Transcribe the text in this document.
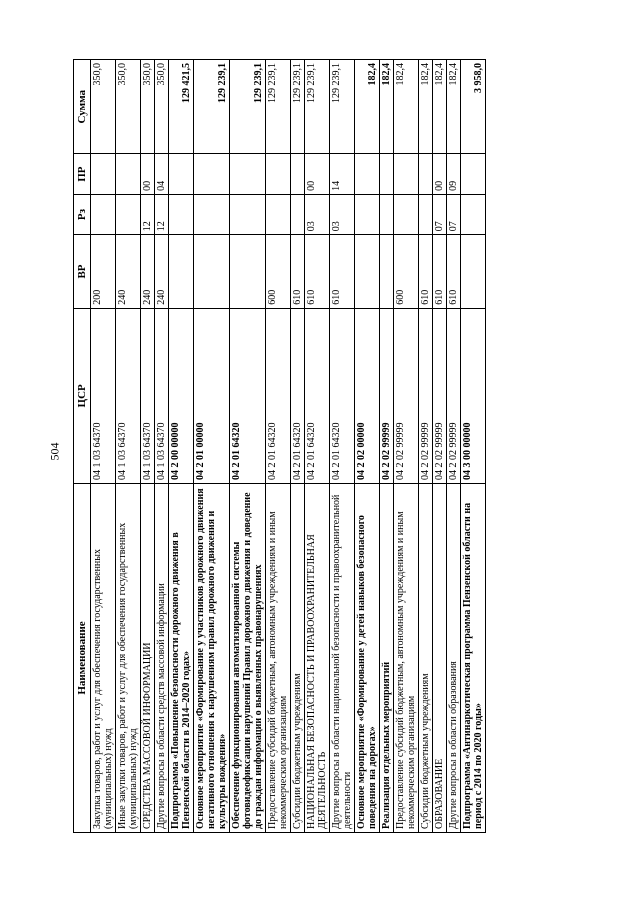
504
Наименование	ЦСР	ВР	Рз	ПР	Сумма
Закупка товаров, работ и услуг для обеспечения государственных (муниципальных) нужд	04 1 03 64370	200			350,0
Иные закупки товаров, работ и услуг для обеспечения государственных (муниципальных) нужд	04 1 03 64370	240			350,0
СРЕДСТВА МАССОВОЙ ИНФОРМАЦИИ	04 1 03 64370	240	12	00	350,0
Другие вопросы в области средств массовой информации	04 1 03 64370	240	12	04	350,0
Подпрограмма «Повышение безопасности дорожного движения в Пензенской области в 2014–2020 годах»	04 2 00 00000				129 421,5
Основное мероприятие «Формирование у участников дорожного движения негативного отношения к нарушениям правил дорожного движения и культуры вождения»	04 2 01 00000				129 239,1
Обеспечение функционирования автоматизированной системы фотовидеофиксации нарушений Правил дорожного движения и доведение до граждан информации о выявленных правонарушениях	04 2 01 64320				129 239,1
Предоставление субсидий бюджетным, автономным учреждениям и иным некоммерческим организациям	04 2 01 64320	600			129 239,1
Субсидии бюджетным учреждениям	04 2 01 64320	610			129 239,1
НАЦИОНАЛЬНАЯ БЕЗОПАСНОСТЬ И ПРАВООХРАНИТЕЛЬНАЯ ДЕЯТЕЛЬНОСТЬ	04 2 01 64320	610	03	00	129 239,1
Другие вопросы в области национальной безопасности и правоохранительной деятельности	04 2 01 64320	610	03	14	129 239,1
Основное мероприятие «Формирование у детей навыков безопасного поведения на дорогах»	04 2 02 00000				182,4
Реализация отдельных мероприятий	04 2 02 99999				182,4
Предоставление субсидий бюджетным, автономным учреждениям и иным некоммерческим организациям	04 2 02 99999	600			182,4
Субсидии бюджетным учреждениям	04 2 02 99999	610			182,4
ОБРАЗОВАНИЕ	04 2 02 99999	610	07	00	182,4
Другие вопросы в области образования	04 2 02 99999	610	07	09	182,4
Подпрограмма «Антинаркотическая программа Пензенской области на период с 2014 по 2020 годы»	04 3 00 00000				3 958,0
